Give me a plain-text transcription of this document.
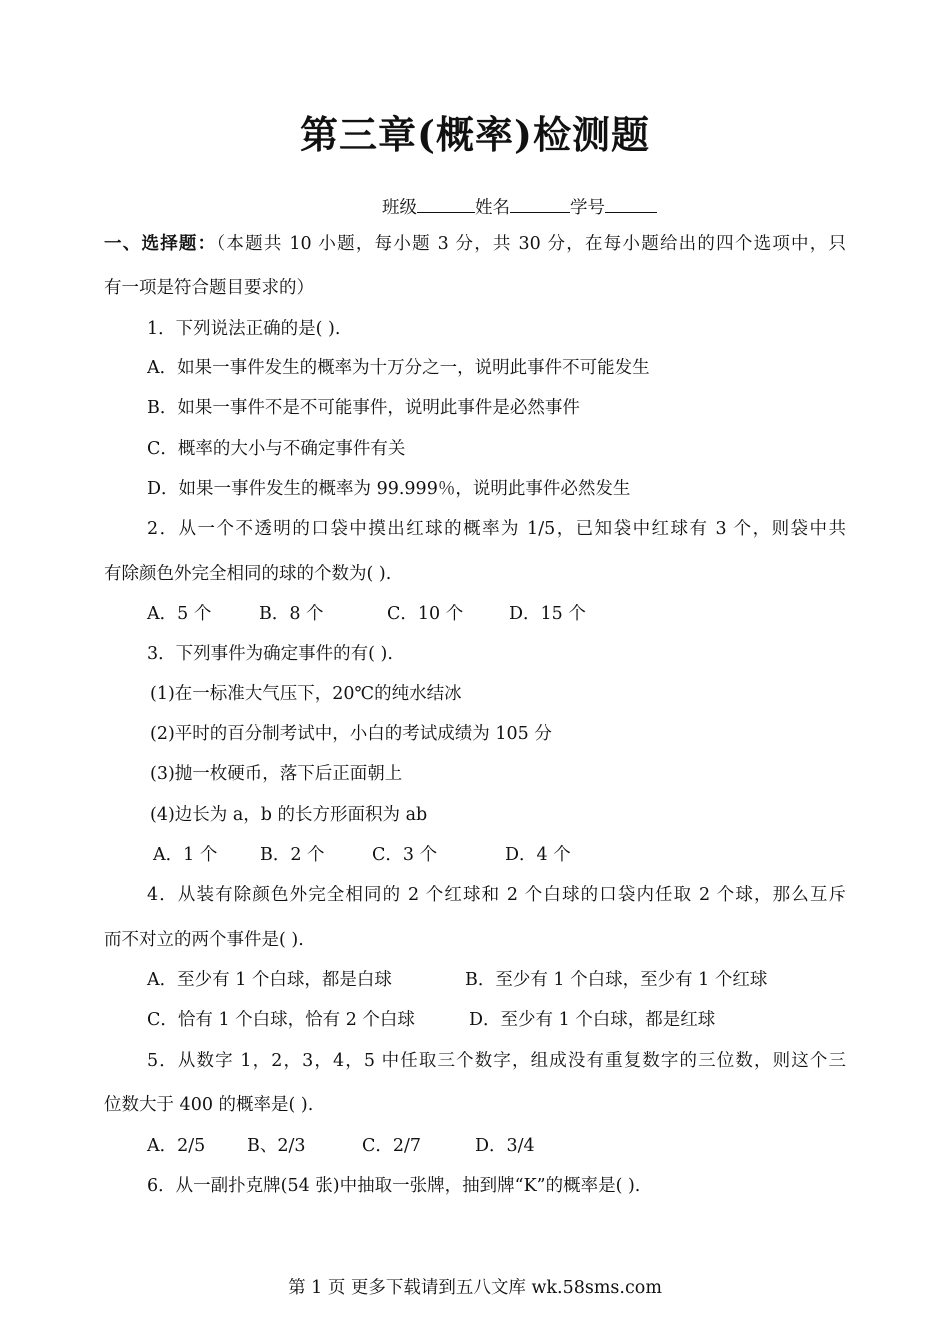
第三章(概率)检测题
班级	姓名	学号
一、选择题：（本题共 10 小题，每小题 3 分，共 30 分，在每小题给出的四个选项中，只
有一项是符合题目要求的）
1．下列说法正确的是( ).
A．如果一事件发生的概率为十万分之一，说明此事件不可能发生
B．如果一事件不是不可能事件，说明此事件是必然事件
C．概率的大小与不确定事件有关
D．如果一事件发生的概率为 99.999％，说明此事件必然发生
2．从一个不透明的口袋中摸出红球的概率为 1/5，已知袋中红球有 3 个，则袋中共
有除颜色外完全相同的球的个数为( ).
A．5 个	B．8 个	C．10 个	D．15 个
3．下列事件为确定事件的有( ).
(1)在一标准大气压下，20℃的纯水结冰
(2)平时的百分制考试中，小白的考试成绩为 105 分
(3)抛一枚硬币，落下后正面朝上
(4)边长为 a，b 的长方形面积为 ab
A．1 个 B．2 个	C．3 个	D．4 个
4．从装有除颜色外完全相同的 2 个红球和 2 个白球的口袋内任取 2 个球，那么互斥
而不对立的两个事件是( ).
A．至少有 1 个白球，都是白球	B．至少有 1 个白球，至少有 1 个红球
C．恰有 1 个白球，恰有 2 个白球	D．至少有 1 个白球，都是红球
5．从数字 1，2，3，4，5 中任取三个数字，组成没有重复数字的三位数，则这个三
位数大于 400 的概率是( ).
A．2/5 B、2/3	C．2/7	D．3/4
6．从一副扑克牌(54 张)中抽取一张牌，抽到牌“K”的概率是( ).
第 1 页 更多下载请到五八文库 wk.58sms.com
